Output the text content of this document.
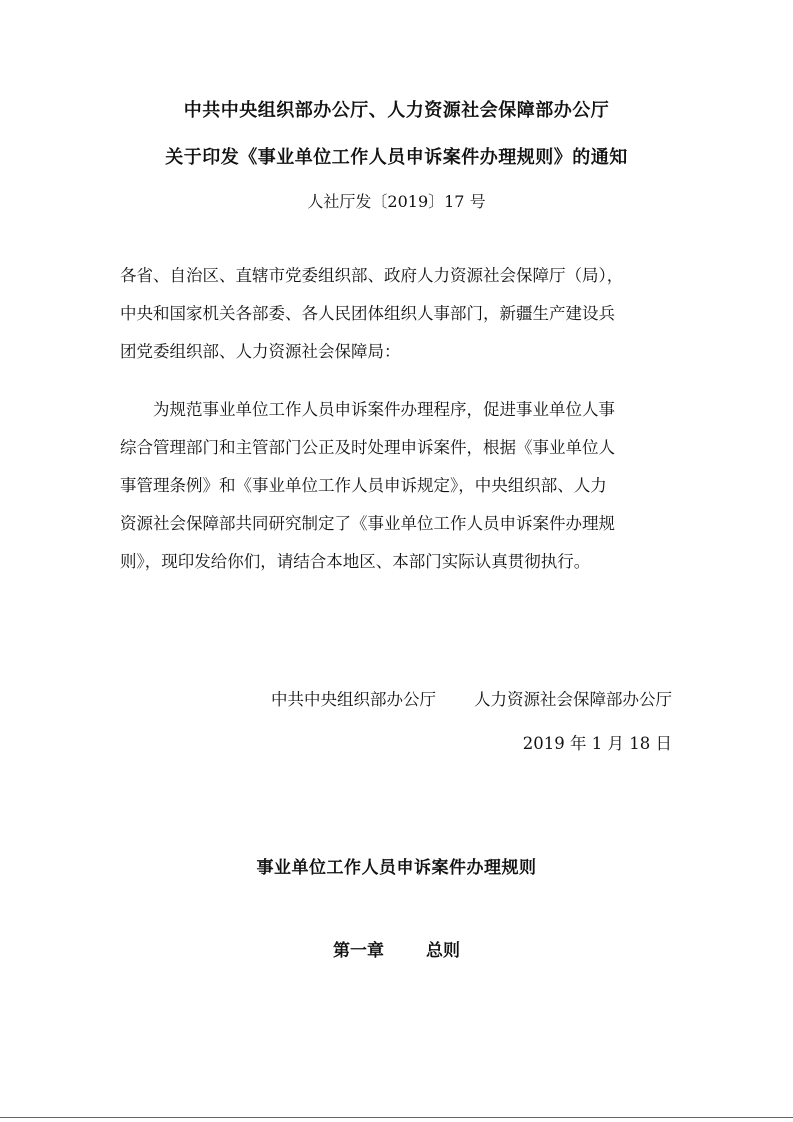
中共中央组织部办公厅、人力资源社会保障部办公厅
关于印发《事业单位工作人员申诉案件办理规则》的通知
人社厅发〔2019〕17 号
各省、自治区、直辖市党委组织部、政府人力资源社会保障厅（局），
中央和国家机关各部委、各人民团体组织人事部门，新疆生产建设兵
团党委组织部、人力资源社会保障局：
为规范事业单位工作人员申诉案件办理程序，促进事业单位人事
综合管理部门和主管部门公正及时处理申诉案件，根据《事业单位人
事管理条例》和《事业单位工作人员申诉规定》，中央组织部、人力
资源社会保障部共同研究制定了《事业单位工作人员申诉案件办理规
则》，现印发给你们，请结合本地区、本部门实际认真贯彻执行。
中共中央组织部办公厅 人力资源社会保障部办公厅
2019 年 1 月 18 日
事业单位工作人员申诉案件办理规则
第一章 总则
